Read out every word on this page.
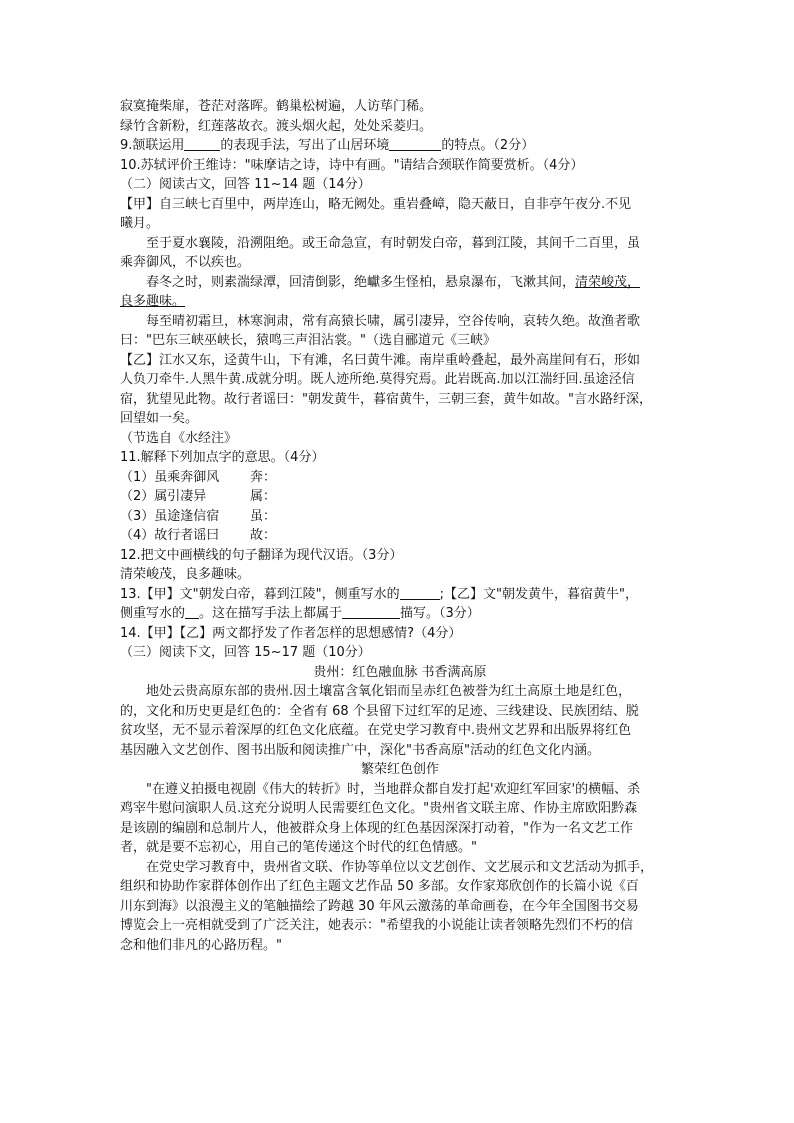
寂寞掩柴扉，苍茫对落晖。鹤巢松树遍，人访荜门稀。
绿竹含新粉，红莲落故衣。渡头烟火起，处处采菱归。
9.颔联运用	的表现手法，写出了山居环境	的特点。（2分）
10.苏轼评价王维诗："味摩诘之诗，诗中有画。"请结合颈联作简要赏析。（4分）
（二）阅读古文，回答 11~14 题（14分）
【甲】自三峡七百里中，两岸连山，略无阙处。重岩叠嶂，隐天蔽日，自非亭午夜分.不见
曦月。
至于夏水襄陵，沿溯阻绝。或王命急宣，有时朝发白帝，暮到江陵，其间千二百里，虽
乘奔御风，不以疾也。
春冬之时，则素湍绿潭，回清倒影，绝巘多生怪柏，悬泉瀑布，飞漱其间，清荣峻茂，
良多趣味。
每至晴初霜旦，林寒涧肃，常有高猿长啸，属引凄异，空谷传响，哀转久绝。故渔者歌
曰："巴东三峡巫峡长，猿鸣三声泪沾裳。"（选自郦道元《三峡》
【乙】江水又东，迳黄牛山，下有滩，名曰黄牛滩。南岸重岭叠起，最外高崖间有石，形如
人负刀牵牛.人黑牛黄.成就分明。既人迹所绝.莫得究焉。此岩既高.加以江湍纡回.虽途泾信
宿，犹望见此物。故行者谣曰："朝发黄牛，暮宿黄牛，三朝三套，黄牛如故。"言水路纡深，
回望如一矣。
（节选自《水经注》
11.解释下列加点字的意思。（4分）
（1）虽乘奔御风 奔：
（2）属引凄异	属：
（3）虽途逢信宿 虽：
（4）故行者谣曰 故：
12.把文中画横线的句子翻译为现代汉语。（3分）
清荣峻茂，良多趣味。
13.【甲】文"朝发白帝，暮到江陵"，侧重写水的	;【乙】文"朝发黄牛，暮宿黄牛"，
侧重写水的 。这在描写手法上都属于	描写。（3分）
14.【甲】【乙】两文都抒发了作者怎样的思想感情?（4分）
（三）阅读下文，回答 15~17 题（10分）
贵州：红色融血脉 书香满高原
地处云贵高原东部的贵州.因土壤富含氧化铝而呈赤红色被誉为红土高原土地是红色，
的，文化和历史更是红色的：全省有 68 个县留下过红军的足迹、三线建设、民族团结、脱
贫攻坚，无不显示着深厚的红色文化底蕴。在党史学习教育中.贵州文艺界和出版界将红色
基因融入文艺创作、图书出版和阅读推广中，深化"书香高原"活动的红色文化内涵。
繁荣红色创作
"在遵义拍摄电视剧《伟大的转折》时，当地群众都自发打起'欢迎红军回家'的横幅、杀
鸡宰牛慰问演职人员.这充分说明人民需要红色文化。"贵州省文联主席、作协主席欧阳黔森
是该剧的编剧和总制片人，他被群众身上体现的红色基因深深打动着，"作为一名文艺工作
者，就是要不忘初心，用自己的笔传递这个时代的红色情感。"
在党史学习教育中，贵州省文联、作协等单位以文艺创作、文艺展示和文艺活动为抓手，
组织和协助作家群体创作出了红色主题文艺作品 50 多部。女作家郑欣创作的长篇小说《百
川东到海》以浪漫主义的笔触描绘了跨越 30 年风云激荡的革命画卷，在今年全国图书交易
博览会上一亮相就受到了广泛关注，她表示："希望我的小说能让读者领略先烈们不朽的信
念和他们非凡的心路历程。"
